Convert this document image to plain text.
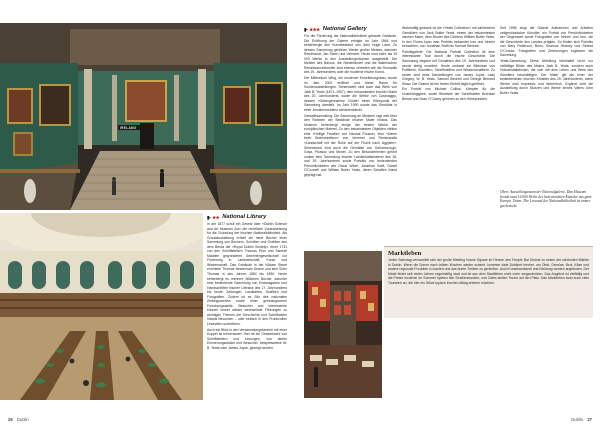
IRELAND
▮▪ ★★ National Library

In der 1877 schuf ein Gesetz über »Dublin Science and Art Museum Act« die rechtliche Voraussetzung für die Gründung der irischen Nationalbibliothek. Als Grundausstattung erhielt sie neue Bücher einer Sammlung von Büchern, Schriften und Grafiken aus dem Besitz der »Royal Dublin Society«, einer 1731 von den Schriftstellern Thomas Prior und Samuel Madden gegründeten Gelehrtengesellschaft zur Förderung in Landwirtschaft, Kunst und Wissenschaft. Das Gebäude in der Kildare Street errichtete Thomas Newenham Deane und sein Sohn Thomas in den Jahren 1884 bis 1890. Heute beherbergt es mehrere Millionen Bücher, darunter eine bedeutende Sammlung von Erstausgaben und Handschriften irischer Literatur des 17. Jahrhunderts bis heute, Zeitungen, Landkarten, Grafiken und Fotografien. Zudem ist es Sitz des nationalen Zeitungsarchivs sowie einer genealogischen Forschungsstelle. Besucher und Interessierte können immer wieder wechselnde Führungen zu wichtigen Themen der Geschichte und Schriftsteller Irlands besuchen – oder einfach in den Prunkvollen Lesesälen schmökern.

Auch ein Blick in den Versammlungsbereich mit einer Kuppel ist lohnenswert: Hier ist ein Gesamtwerk von Schriftstellern und Lesungen, von denen Erinnerungsstücke und Besucher, beispielsweise W. B. Yeats oder James Joyce, gezeigt werden.

▮▪ ★★★ National Gallery

Für die Förderung der Nationalbibliothek gebaute Gebäude. Die Eröffnung der Galerie erfolgte im Jahr 1864 und beherbergte den Kunstbestand von John Hugh Lane, Zu dessen Sammlung gehörten Werke großer Meister, darunter Rembrandt, Jan Steen und Vermeer. Heute sind mehr als 15 000 Werke in den Ausstellungsräumen ausgestellt. Die Meister des Barock, die Niederländer und die italienischen Renaissancekünstler sind ebenso vertreten wie die Romantik des 19. Jahrhunderts oder die moderne irische Kunst.

Der Millennium Wing, ein moderner Erweiterungsbau, wurde im Jahr 2002 eröffnet und bietet Raum für Sonderausstellungen. Sehenswert sind auch das Werk von Jack B. Yeats (1871–1957), dem bekanntesten irischen Maler des 20. Jahrhunderts, sowie die Werke von Caravaggio, dessen »Gefangennahme Christi« einen Höhepunkt der Sammlung darstellt. Im Jahr 1990 wurde das Gemälde in einer Jesuitenresidenz wiederentdeckt.

Geniallesammlung: Die Sammlung an Meistern ragt weit über den Rahmen der Bestände irischer Maler hinaus. Das Museum beherbergt einige der besten Werke der europäischen Malerei. Zu den bekanntesten Objekten zählen eine »Heilige Familie« von Nicolas Poussin, eine »Dame beim Briefschreiben« von Vermeer und Rembrandts »Landschaft mit der Ruhe auf der Flucht nach Ägypten«. Sehenswert sind auch die Gemälde von Gainsborough, Goya, Picasso und Monet. Zu den Besonderheiten gehört zudem eine Sammlung irischer Landschaftsmalerei des 18. und 19. Jahrhunderts sowie Porträts von bedeutenden Persönlichkeiten wie Oscar Wilde, Jonathan Swift, Daniel O’Connell und William Butler Yeats, deren Schaffen Irland geprägt hat.

Wahrhaftig gedacht ist die »Yeats Collection« mit zahlreichen Gemälden von Jack Butler Yeats, einem der bekanntesten irischen Maler, dem Bruder des Dichters William Butler Yeats. In den Fluren kann man Porträts bekannter Iren und Irinnen betrachten, von Jonathan Swift bis Samuel Beckett.

Porträtgalerie: Die National Portrait Collection ist eine interessante Tour durch die irische Geschichte. Die Sammlung begann mit Gemälden des 19. Jahrhunderts und wurde stetig erweitert. Heute umfasst sie Bildnisse von Politikern, Künstlern, Schriftstellern und Wissenschaftlern. Zu sehen sind etwa Darstellungen von James Joyce, Lady Gregory, W. B. Yeats, Samuel Beckett und George Bernard Shaw. Die Galerie ist bei freiem Eintritt täglich geöffnet.

Ein Porträt von Michael Collins, Kämpfer für die Unabhängigkeit, sowie Bildnisse der Schriftsteller Brendan Behan und Sean O’Casey gehören zu den Höhepunkten.

Seit 1998 zeigt die Galerie Aufnahmen und Arbeiten zeitgenössischer Künstler, ein Porträt von Persönlichkeiten der Gegenwart sowie Fotografien von Irinnen und Iren, die die Geschichte des Landes prägten. So finden sich Porträts von Mary Robinson, Bono, Seamus Heaney und Sinéad O’Connor. Fotografien und Zeichnungen ergänzen die Sammlung.

Yeats-Sammlung: Diese Abteilung beinhaltet nicht nur vielfältige Bilder des Malers Jack B. Yeats, sondern auch Videoinstallationen, die sich mit dem Leben und Werk des Künstlers beschäftigen. Der Maler gilt als einer der bedeutendsten irischen Künstler des 20. Jahrhunderts, seine Werke sind expressiv und farbenfroh. Ergänzt wird die Ausstellung durch Skizzen und Werke seines Vaters John Butler Yeats.

Oben: Ausstellungsraum der Nationalgalerie. Dan Museum besitzt rund 16.000 Werke der bedeutendsten Künstler aus ganz Europa. Unten: Der Lesesaal der Nationalbibliothek ist immer gut besucht.
Marktleben
Jeden Samstag verwandelt sich der große Meeting House Square im Herzen des Temple Bar District zu einem der schönsten Märkte in Dublin. Wenn die Sonne nach trüben Wochen wieder scheint, kommen viele Dubliner hierher, um Obst, Gemüse, Brot, Käse und andere regionale Produkte zu kaufen und das bunte Treiben zu genießen. Auch Kunsthandwerk und Kleidung werden angeboten. Der Markt findet seit vielen Jahren regelmäßig statt und ist aus dem Stadtleben nicht mehr wegzudenken. Das Angebot ist vielfältig und die Preise moderat. Im Sommer spielen hier Straßenmusiker, und Cafés stellen Tische auf den Platz. Das Marktleben lockt auch viele Touristen an, die hier ein Stück typisch irischen Alltag erleben möchten.
26 Dublin	Dublin 27
